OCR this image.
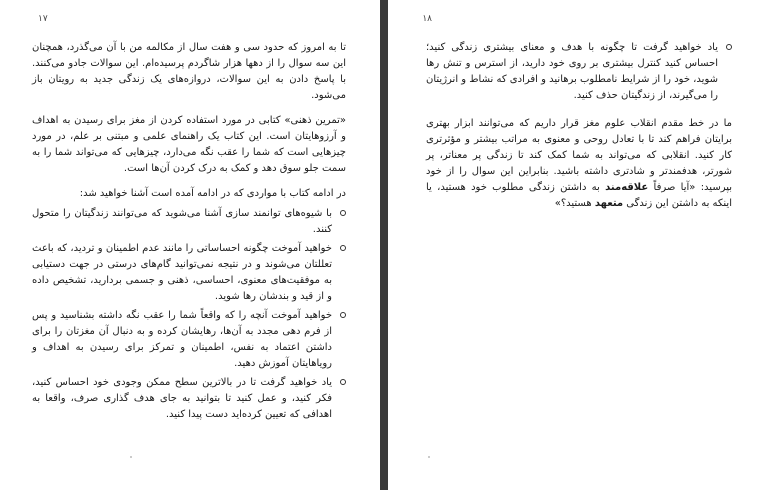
۱۷

تا به امروز که حدود سی و هفت سال از مکالمه من با آن می‌گذرد، همچنان این سه سوال را از دهها هزار شاگردم پرسیده‌ام. این سوالات جادو می‌کنند. با پاسخ دادن به این سوالات، دروازه‌های یک زندگی جدید به رویتان باز می‌شود.

«تمرین ذهنی» کتابی در مورد استفاده کردن از مغز برای رسیدن به اهداف و آرزوهایتان است. این کتاب یک راهنمای علمی و مبتنی بر علم، در مورد چیزهایی است که شما را عقب نگه می‌دارد، چیزهایی که می‌تواند شما را به سمت جلو سوق دهد و کمک به درک کردن آن‌ها است.

در ادامه کتاب با مواردی که در ادامه آمده است آشنا خواهید شد:

با شیوه‌های توانمند سازی آشنا می‌شوید که می‌توانند زندگیتان را متحول کنند.
خواهید آموخت چگونه احساساتی را مانند عدم اطمینان و تردید، که باعث تعللتان می‌شوند و در نتیجه نمی‌توانید گام‌های درستی در جهت دستیابی به موفقیت‌های معنوی، احساسی، ذهنی و جسمی بردارید، تشخیص داده و از قید و بندشان رها شوید.
خواهید آموخت آنچه را که واقعاً شما را عقب نگه داشته بشناسید و پس از فرم دهی مجدد به آن‌ها، رهایشان کرده و به دنبال آن مغزتان را برای داشتن اعتماد به نفس، اطمینان و تمرکز برای رسیدن به اهداف و رویاهایتان آموزش دهید.
یاد خواهید گرفت تا در بالاترین سطح ممکن وجودی خود احساس کنید، فکر کنید، و عمل کنید تا بتوانید به جای هدف گذاری صرف، واقعا به اهدافی که تعیین کرده‌اید دست پیدا کنید.
۱۸
یاد خواهید گرفت تا چگونه با هدف و معنای بیشتری زندگی کنید؛ احساس کنید کنترل بیشتری بر روی خود دارید، از استرس و تنش رها شوید، خود را از شرایط نامطلوب برهانید و افرادی که نشاط و انرژیتان را می‌گیرند، از زندگیتان حذف کنید.

ما در خط مقدم انقلاب علوم مغز قرار داریم که می‌توانند ابزار بهتری برایتان فراهم کند تا با تعادل روحی و معنوی به مراتب بیشتر و مؤثرتری کار کنید. انقلابی که می‌تواند به شما کمک کند تا زندگی پر معناتر، پر شورتر، هدفمندتر و شادتری داشته باشید. بنابراین این سوال را از خود بپرسید: «آیا صرفاً علاقه‌مند به داشتن زندگی مطلوب خود هستید، یا اینکه به داشتن این زندگی متعهد هستید؟»
